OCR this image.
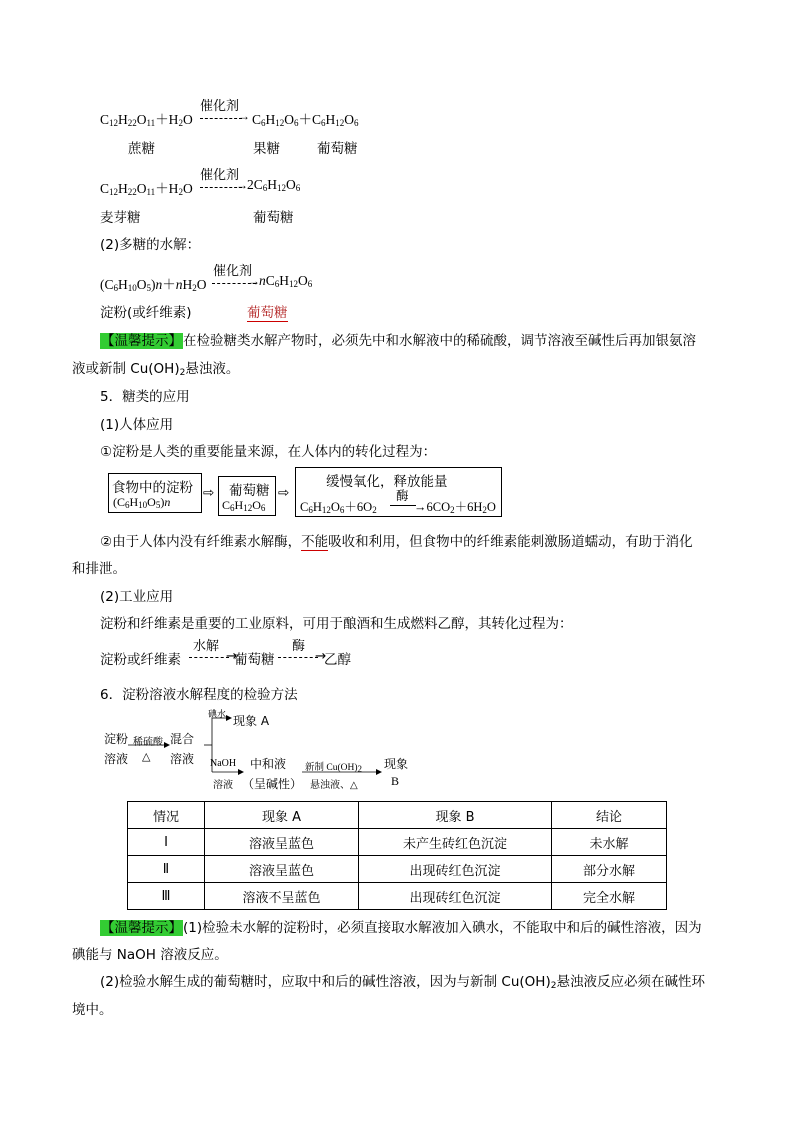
$C_{12}H_{22}O_{11}+H_2O$
催化剂
→ $C_6H_{12}O_6+C_6H_{12}O_6$
蔗糖	果糖	葡萄糖
$C_{12}H_{22}O_{11}+H_2O$
催化剂
→ $2C_6H_{12}O_6$
麦芽糖	葡萄糖
(2)多糖的水解：
$(C_6H_{10}O_5)n+nH_2O$
催化剂
→ $nC_6H_{12}O_6$
淀粉(或纤维素)	葡萄糖
【温馨提示】在检验糖类水解产物时，必须先中和水解液中的稀硫酸，调节溶液至碱性后再加银氨溶
液或新制 $Cu(OH)_2$悬浊液。
5．糖类的应用
(1)人体应用
①淀粉是人类的重要能量来源，在人体内的转化过程为：
食物中的淀粉
$(C_6H_{10}O_5)n$
⇨ 葡萄糖
$C_6H_{12}O_6$
⇨
缓慢氧化，释放能量
$C_6H_{12}O_6+6O_2$
酶
$\to 6CO_2+6H_2O$
②由于人体内没有纤维素水解酶，不能吸收和利用，但食物中的纤维素能刺激肠道蠕动，有助于消化
和排泄。
(2)工业应用
淀粉和纤维素是重要的工业原料，可用于酿酒和生成燃料乙醇，其转化过程为：
淀粉或纤维素
水解
→
葡萄糖
酶
→
乙醇
6．淀粉溶液水解程度的检验方法
淀粉
溶液
稀硫酸
△
混合
溶液
碘水 现象 A
NaOH
溶液
中和液
（呈碱性）
新制 $Cu(OH)_2$
悬浊液、△
现象
B
情况	现象 A	现象 B	结论
Ⅰ	溶液呈蓝色	未产生砖红色沉淀	未水解
Ⅱ	溶液呈蓝色	出现砖红色沉淀	部分水解
Ⅲ	溶液不呈蓝色	出现砖红色沉淀	完全水解
【温馨提示】(1)检验未水解的淀粉时，必须直接取水解液加入碘水，不能取中和后的碱性溶液，因为
碘能与 NaOH 溶液反应。
(2)检验水解生成的葡萄糖时，应取中和后的碱性溶液，因为与新制 $Cu(OH)_2$悬浊液反应必须在碱性环
境中。
